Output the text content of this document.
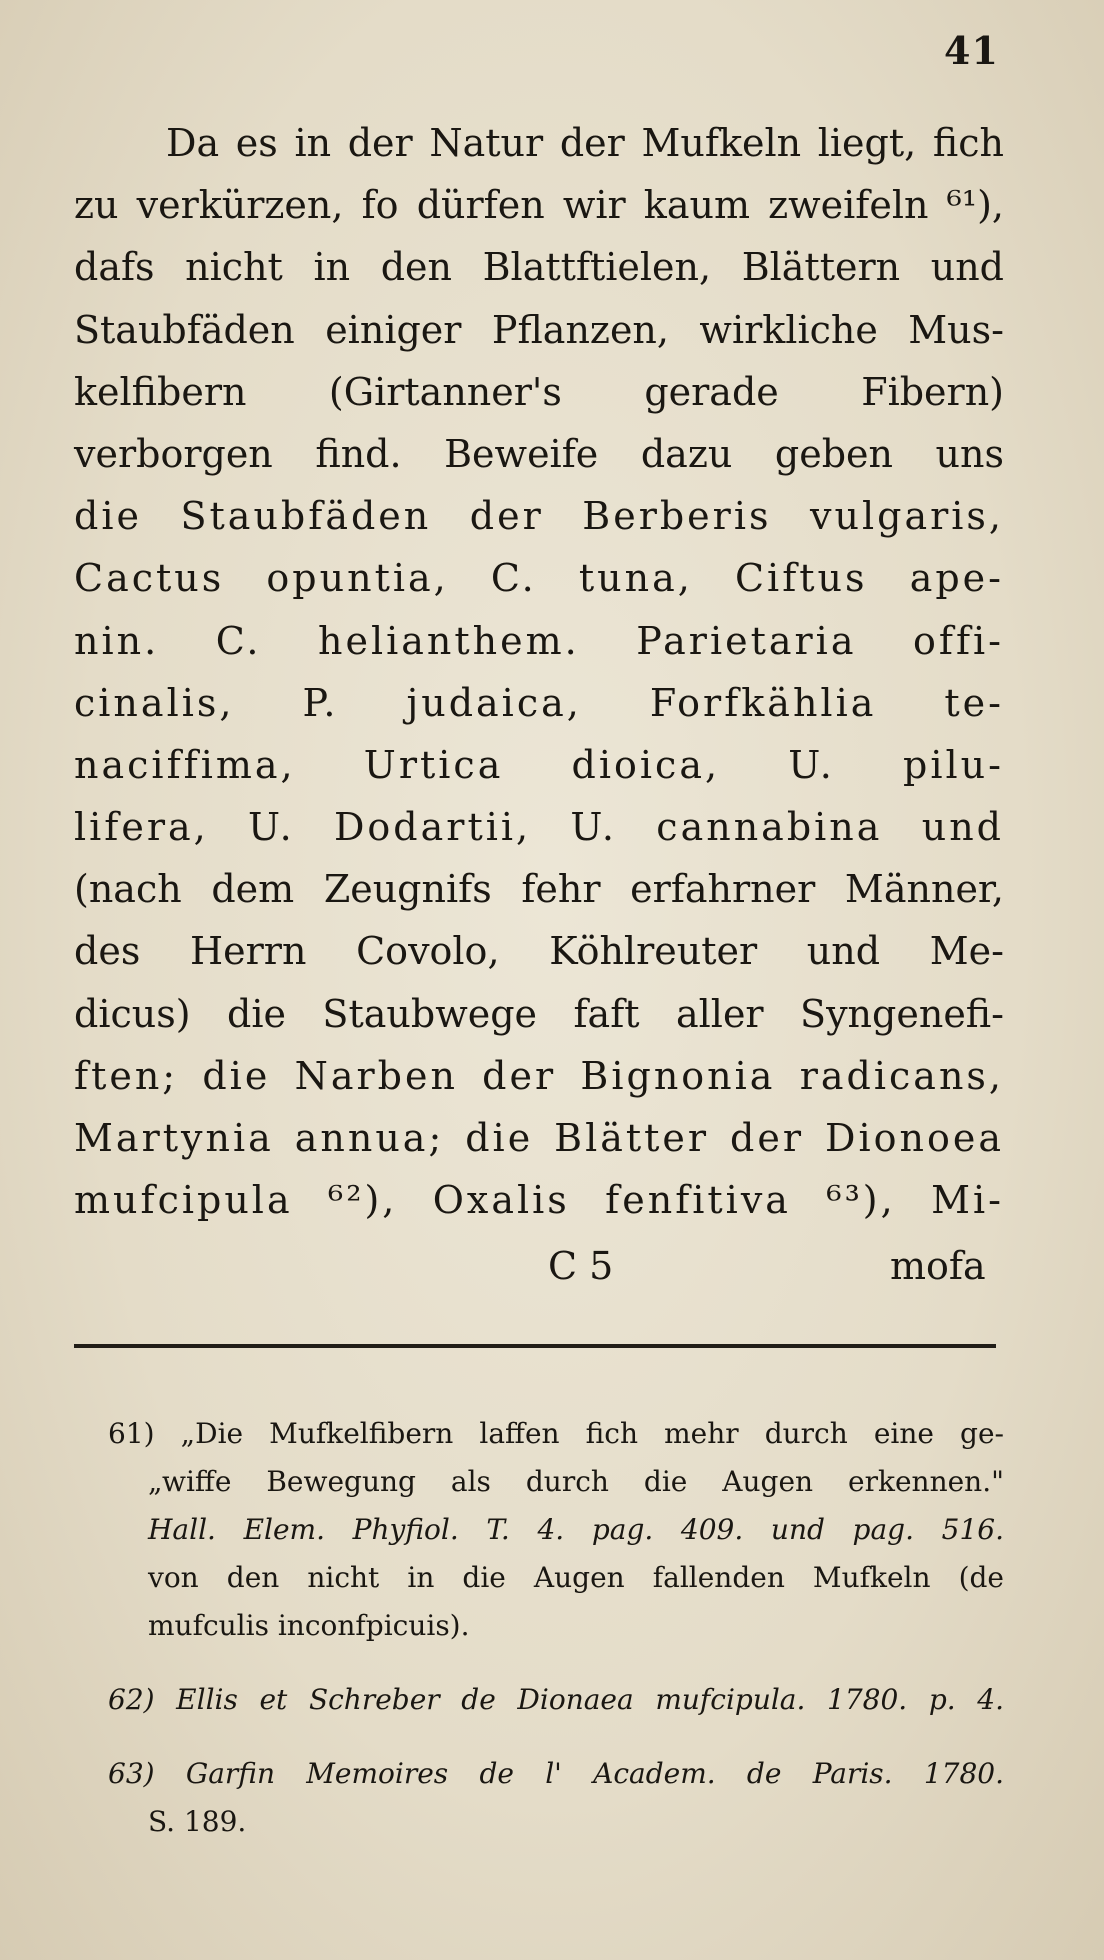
41
Da es in der Natur der Mufkeln liegt, fich
zu verkürzen, fo dürfen wir kaum zweifeln ⁶¹),
dafs nicht in den Blattftielen, Blättern und
Staubfäden einiger Pflanzen, wirkliche Mus-
kelfibern (Girtanner's gerade Fibern)
verborgen find. Beweife dazu geben uns
die Staubfäden der Berberis vulgaris,
Cactus opuntia, C. tuna, Ciftus ape-
nin. C. helianthem. Parietaria offi-
cinalis, P. judaica, Forfkählia te-
naciffima, Urtica dioica, U. pilu-
lifera, U. Dodartii, U. cannabina und
(nach dem Zeugnifs fehr erfahrner Männer,
des Herrn Covolo, Köhlreuter und Me-
dicus) die Staubwege faft aller Syngenefi-
ften; die Narben der Bignonia radicans,
Martynia annua; die Blätter der Dionoea
mufcipula ⁶²), Oxalis fenfitiva ⁶³), Mi-
C 5	mofa
61) „Die Mufkelfibern laffen fich mehr durch eine ge-
„wiffe Bewegung als durch die Augen erkennen."
Hall. Elem. Phyfiol. T. 4. pag. 409. und pag. 516.
von den nicht in die Augen fallenden Mufkeln (de
mufculis inconfpicuis).
62) Ellis et Schreber de Dionaea mufcipula. 1780. p. 4.
63) Garfin Memoires de l' Academ. de Paris. 1780.
S. 189.
